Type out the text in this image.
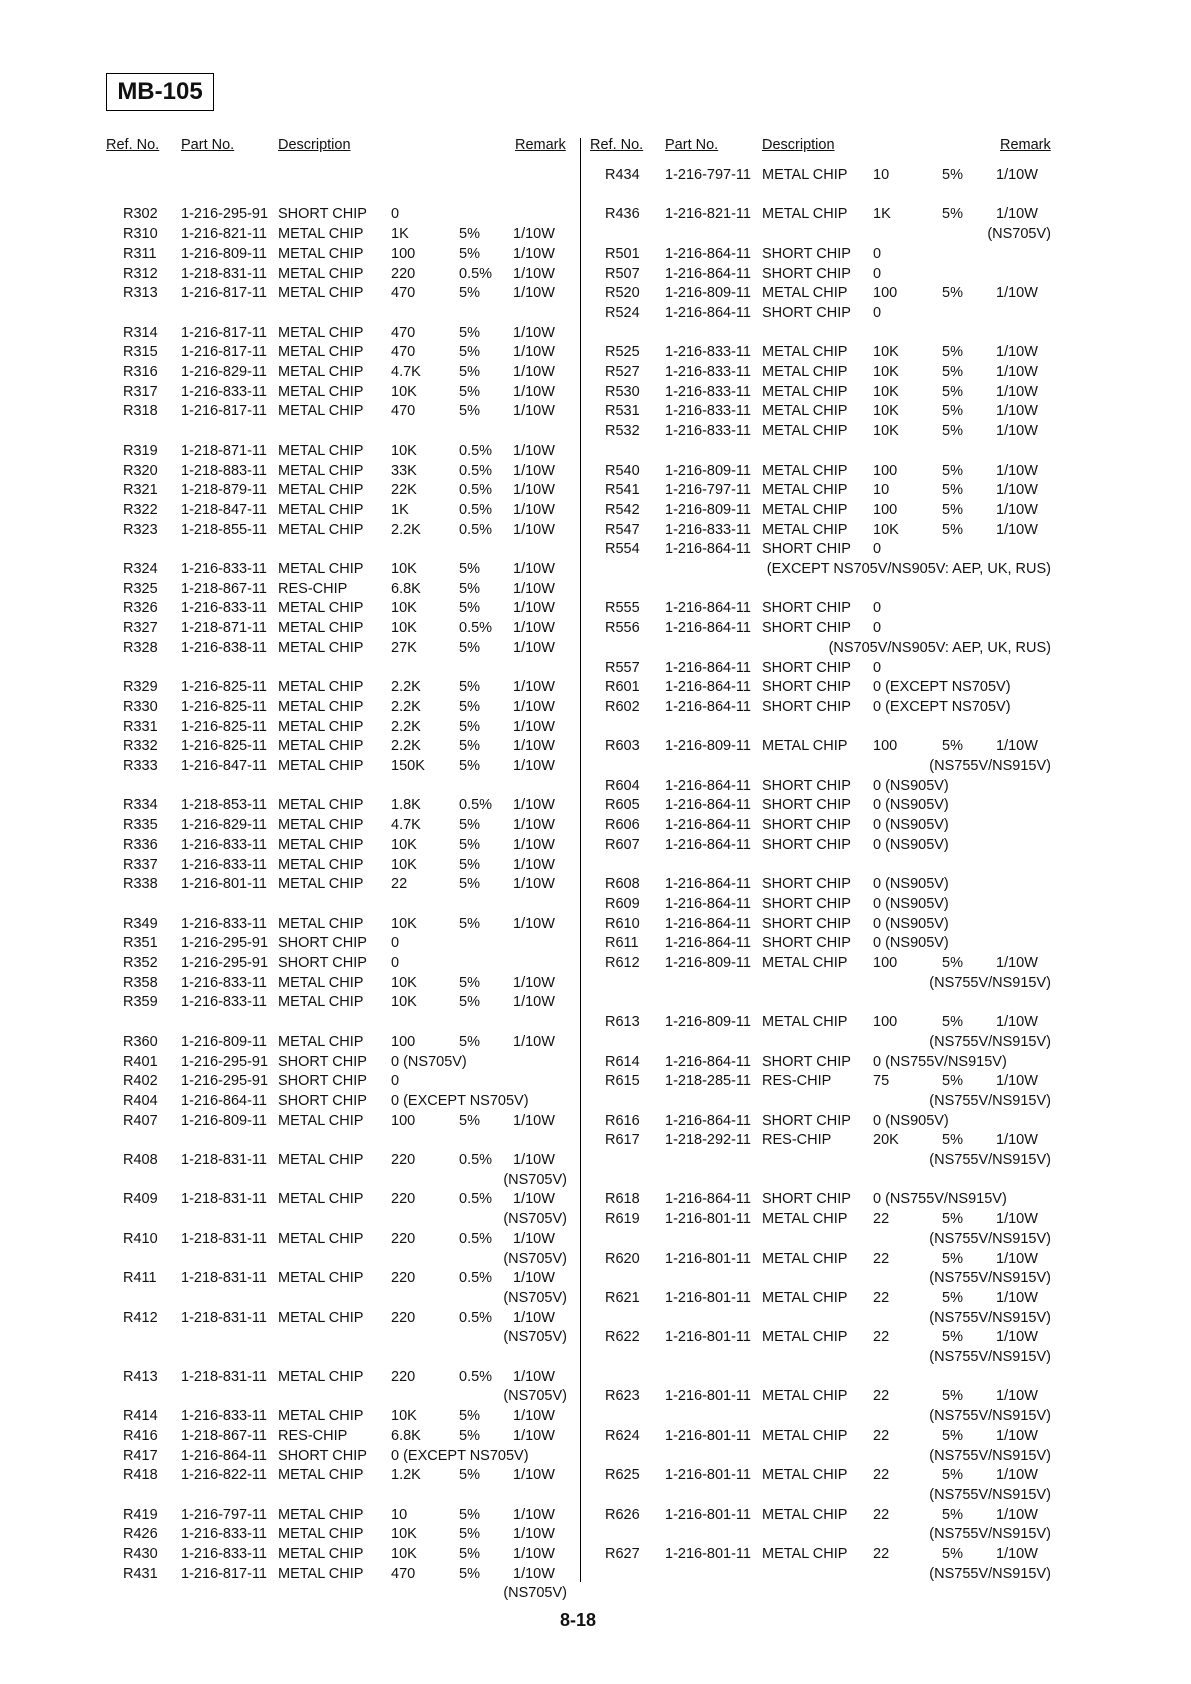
MB-105
Ref. No. Part No.	Description	Remark Ref. No. Part No.	Description	Remark
R302 1-216-295-91 SHORT CHIP 0
R310 1-216-821-11 METAL CHIP 1K	5% 1/10W
R311 1-216-809-11 METAL CHIP 100	5% 1/10W
R312 1-218-831-11 METAL CHIP 220	0.5% 1/10W
R313 1-216-817-11 METAL CHIP 470	5% 1/10W
R314 1-216-817-11 METAL CHIP 470	5% 1/10W
R315 1-216-817-11 METAL CHIP 470	5% 1/10W
R316 1-216-829-11 METAL CHIP 4.7K	5% 1/10W
R317 1-216-833-11 METAL CHIP 10K	5% 1/10W
R318 1-216-817-11 METAL CHIP 470	5% 1/10W
R319 1-218-871-11 METAL CHIP 10K	0.5% 1/10W
R320 1-218-883-11 METAL CHIP 33K	0.5% 1/10W
R321 1-218-879-11 METAL CHIP 22K	0.5% 1/10W
R322 1-218-847-11 METAL CHIP 1K	0.5% 1/10W
R323 1-218-855-11 METAL CHIP 2.2K	0.5% 1/10W
R324 1-216-833-11 METAL CHIP 10K	5% 1/10W
R325 1-218-867-11 RES-CHIP	6.8K	5% 1/10W
R326 1-216-833-11 METAL CHIP 10K	5% 1/10W
R327 1-218-871-11 METAL CHIP 10K	0.5% 1/10W
R328 1-216-838-11 METAL CHIP 27K	5% 1/10W
R329 1-216-825-11 METAL CHIP 2.2K	5% 1/10W
R330 1-216-825-11 METAL CHIP 2.2K	5% 1/10W
R331 1-216-825-11 METAL CHIP 2.2K	5% 1/10W
R332 1-216-825-11 METAL CHIP 2.2K	5% 1/10W
R333 1-216-847-11 METAL CHIP 150K 5% 1/10W
R334 1-218-853-11 METAL CHIP 1.8K	0.5% 1/10W
R335 1-216-829-11 METAL CHIP 4.7K	5% 1/10W
R336 1-216-833-11 METAL CHIP 10K	5% 1/10W
R337 1-216-833-11 METAL CHIP 10K	5% 1/10W
R338 1-216-801-11 METAL CHIP 22	5% 1/10W
R349 1-216-833-11 METAL CHIP 10K	5% 1/10W
R351 1-216-295-91 SHORT CHIP 0
R352 1-216-295-91 SHORT CHIP 0
R358 1-216-833-11 METAL CHIP 10K	5% 1/10W
R359 1-216-833-11 METAL CHIP 10K	5% 1/10W
R360 1-216-809-11 METAL CHIP 100	5% 1/10W
R401 1-216-295-91 SHORT CHIP 0 (NS705V)
R402 1-216-295-91 SHORT CHIP 0
R404 1-216-864-11 SHORT CHIP 0 (EXCEPT NS705V)
R407 1-216-809-11 METAL CHIP 100	5% 1/10W
R408 1-218-831-11 METAL CHIP 220	0.5% 1/10W
(NS705V)
R409 1-218-831-11 METAL CHIP 220	0.5% 1/10W
(NS705V)
R410 1-218-831-11 METAL CHIP 220	0.5% 1/10W
(NS705V)
R411 1-218-831-11 METAL CHIP 220	0.5% 1/10W
(NS705V)
R412 1-218-831-11 METAL CHIP 220	0.5% 1/10W
(NS705V)
R413 1-218-831-11 METAL CHIP 220	0.5% 1/10W
(NS705V)
R414 1-216-833-11 METAL CHIP 10K	5% 1/10W
R416 1-218-867-11 RES-CHIP	6.8K	5% 1/10W
R417 1-216-864-11 SHORT CHIP 0 (EXCEPT NS705V)
R418 1-216-822-11 METAL CHIP 1.2K	5% 1/10W
R419 1-216-797-11 METAL CHIP 10	5% 1/10W
R426 1-216-833-11 METAL CHIP 10K	5% 1/10W
R430 1-216-833-11 METAL CHIP 10K	5% 1/10W
R431 1-216-817-11 METAL CHIP 470	5% 1/10W
(NS705V)
R434 1-216-797-11 METAL CHIP 10	5% 1/10W
R436 1-216-821-11 METAL CHIP 1K	5% 1/10W
(NS705V)
R501 1-216-864-11 SHORT CHIP 0
R507 1-216-864-11 SHORT CHIP 0
R520 1-216-809-11 METAL CHIP 100	5% 1/10W
R524 1-216-864-11 SHORT CHIP 0
R525 1-216-833-11 METAL CHIP 10K	5% 1/10W
R527 1-216-833-11 METAL CHIP 10K	5% 1/10W
R530 1-216-833-11 METAL CHIP 10K	5% 1/10W
R531 1-216-833-11 METAL CHIP 10K	5% 1/10W
R532 1-216-833-11 METAL CHIP 10K	5% 1/10W
R540 1-216-809-11 METAL CHIP 100	5% 1/10W
R541 1-216-797-11 METAL CHIP 10	5% 1/10W
R542 1-216-809-11 METAL CHIP 100	5% 1/10W
R547 1-216-833-11 METAL CHIP 10K	5% 1/10W
R554 1-216-864-11 SHORT CHIP 0
(EXCEPT NS705V/NS905V: AEP, UK, RUS)
R555 1-216-864-11 SHORT CHIP 0
R556 1-216-864-11 SHORT CHIP 0
(NS705V/NS905V: AEP, UK, RUS)
R557 1-216-864-11 SHORT CHIP 0
R601 1-216-864-11 SHORT CHIP 0 (EXCEPT NS705V)
R602 1-216-864-11 SHORT CHIP 0 (EXCEPT NS705V)
R603 1-216-809-11 METAL CHIP 100	5% 1/10W
(NS755V/NS915V)
R604 1-216-864-11 SHORT CHIP 0 (NS905V)
R605 1-216-864-11 SHORT CHIP 0 (NS905V)
R606 1-216-864-11 SHORT CHIP 0 (NS905V)
R607 1-216-864-11 SHORT CHIP 0 (NS905V)
R608 1-216-864-11 SHORT CHIP 0 (NS905V)
R609 1-216-864-11 SHORT CHIP 0 (NS905V)
R610 1-216-864-11 SHORT CHIP 0 (NS905V)
R611 1-216-864-11 SHORT CHIP 0 (NS905V)
R612 1-216-809-11 METAL CHIP 100	5% 1/10W
(NS755V/NS915V)
R613 1-216-809-11 METAL CHIP 100	5% 1/10W
(NS755V/NS915V)
R614 1-216-864-11 SHORT CHIP 0 (NS755V/NS915V)
R615 1-218-285-11 RES-CHIP	75	5% 1/10W
(NS755V/NS915V)
R616 1-216-864-11 SHORT CHIP 0 (NS905V)
R617 1-218-292-11 RES-CHIP	20K	5% 1/10W
(NS755V/NS915V)
R618 1-216-864-11 SHORT CHIP 0 (NS755V/NS915V)
R619 1-216-801-11 METAL CHIP 22	5% 1/10W
(NS755V/NS915V)
R620 1-216-801-11 METAL CHIP 22	5% 1/10W
(NS755V/NS915V)
R621 1-216-801-11 METAL CHIP 22	5% 1/10W
(NS755V/NS915V)
R622 1-216-801-11 METAL CHIP 22	5% 1/10W
(NS755V/NS915V)
R623 1-216-801-11 METAL CHIP 22	5% 1/10W
(NS755V/NS915V)
R624 1-216-801-11 METAL CHIP 22	5% 1/10W
(NS755V/NS915V)
R625 1-216-801-11 METAL CHIP 22	5% 1/10W
(NS755V/NS915V)
R626 1-216-801-11 METAL CHIP 22	5% 1/10W
(NS755V/NS915V)
R627 1-216-801-11 METAL CHIP 22	5% 1/10W
(NS755V/NS915V)
8-18
